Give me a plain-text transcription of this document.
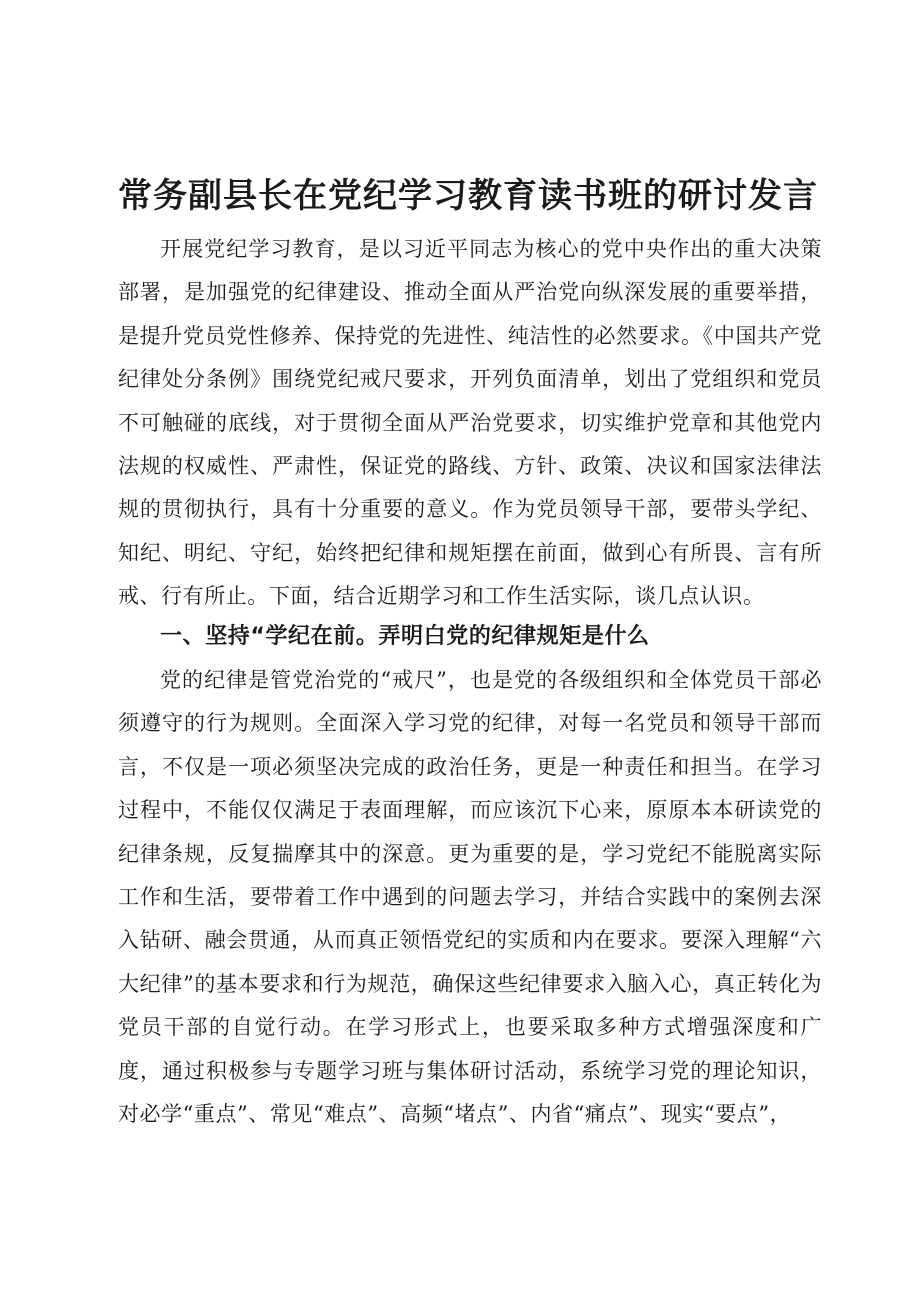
常务副县长在党纪学习教育读书班的研讨发言

开展党纪学习教育，是以习近平同志为核心的党中央作出的重大决策部署，是加强党的纪律建设、推动全面从严治党向纵深发展的重要举措，是提升党员党性修养、保持党的先进性、纯洁性的必然要求。《中国共产党纪律处分条例》围绕党纪戒尺要求，开列负面清单，划出了党组织和党员不可触碰的底线，对于贯彻全面从严治党要求，切实维护党章和其他党内法规的权威性、严肃性，保证党的路线、方针、政策、决议和国家法律法规的贯彻执行，具有十分重要的意义。作为党员领导干部，要带头学纪、知纪、明纪、守纪，始终把纪律和规矩摆在前面，做到心有所畏、言有所戒、行有所止。下面，结合近期学习和工作生活实际，谈几点认识。

一、坚持“学纪在前。弄明白党的纪律规矩是什么

党的纪律是管党治党的“戒尺”，也是党的各级组织和全体党员干部必须遵守的行为规则。全面深入学习党的纪律，对每一名党员和领导干部而言，不仅是一项必须坚决完成的政治任务，更是一种责任和担当。在学习过程中，不能仅仅满足于表面理解，而应该沉下心来，原原本本研读党的纪律条规，反复揣摩其中的深意。更为重要的是，学习党纪不能脱离实际工作和生活，要带着工作中遇到的问题去学习，并结合实践中的案例去深入钻研、融会贯通，从而真正领悟党纪的实质和内在要求。要深入理解“六大纪律”的基本要求和行为规范，确保这些纪律要求入脑入心，真正转化为党员干部的自觉行动。在学习形式上，也要采取多种方式增强深度和广度，通过积极参与专题学习班与集体研讨活动，系统学习党的理论知识，对必学“重点”、常见“难点”、高频“堵点”、内省“痛点”、现实“要点”，
